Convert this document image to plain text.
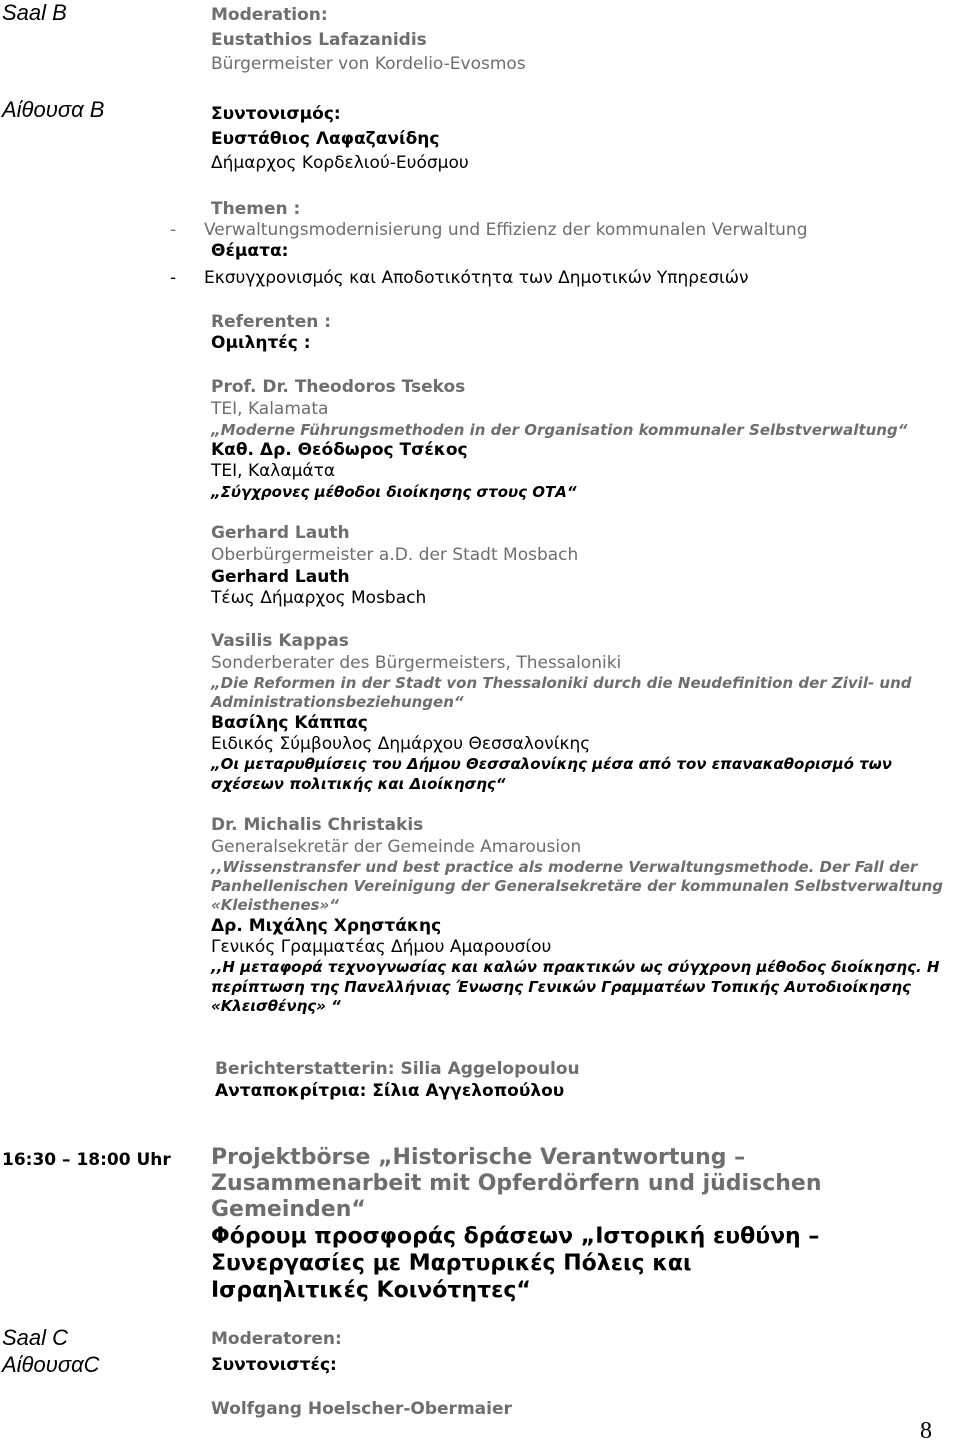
Saal B	Moderation:
Eustathios Lafazanidis
Bürgermeister von Kordelio-Evosmos
Αίθουσα Β	Συντονισμός:
Ευστάθιος Λαφαζανίδης
Δήμαρχος Κορδελιού-Ευόσμου
Themen :
- Verwaltungsmodernisierung und Effizienz der kommunalen Verwaltung
Θέματα:
- Εκσυγχρονισμός και Αποδοτικότητα των Δημοτικών Υπηρεσιών
Referenten :
Ομιλητές :
Prof. Dr. Theodoros Tsekos
TEI, Kalamata
„Moderne Führungsmethoden in der Organisation kommunaler Selbstverwaltung“
Καθ. Δρ. Θεόδωρος Τσέκος
TEI, Καλαμάτα
„Σύγχρονες μέθοδοι διοίκησης στους ΟΤΑ“
Gerhard Lauth
Oberbürgermeister a.D. der Stadt Mosbach
Gerhard Lauth
Τέως Δήμαρχος Mosbach
Vasilis Kappas
Sonderberater des Bürgermeisters, Thessaloniki
„Die Reformen in der Stadt von Thessaloniki durch die Neudefinition der Zivil- und Administrationsbeziehungen“
Βασίλης Κάππας
Ειδικός Σύμβουλος Δημάρχου Θεσσαλονίκης
„Οι μεταρυθμίσεις του Δήμου Θεσσαλονίκης μέσα από τον επανακαθορισμό των σχέσεων πολιτικής και Διοίκησης“
Dr. Michalis Christakis
Generalsekretär der Gemeinde Amarousion
,,Wissenstransfer und best practice als moderne Verwaltungsmethode. Der Fall der Panhellenischen Vereinigung der Generalsekretäre der kommunalen Selbstverwaltung «Kleisthenes»“
Δρ. Μιχάλης Χρηστάκης
Γενικός Γραμματέας Δήμου Αμαρουσίου
,,Η μεταφορά τεχνογνωσίας και καλών πρακτικών ως σύγχρονη μέθοδος διοίκησης. Η περίπτωση της Πανελλήνιας Ένωσης Γενικών Γραμματέων Τοπικής Αυτοδιοίκησης «Κλεισθένης» “
Berichterstatterin: Silia Aggelopoulou
Ανταποκρίτρια: Σίλια Αγγελοπούλου
16:30 – 18:00 Uhr Projektbörse „Historische Verantwortung – Zusammenarbeit mit Opferdörfern und jüdischen Gemeinden“
Φόρουμ προσφοράς δράσεων „Ιστορική ευθύνη – Συνεργασίες με Μαρτυρικές Πόλεις και Ισραηλιτικές Κοινότητες“
Saal C	Moderatoren:
ΑίθουσαC	Συντονιστές:
Wolfgang Hoelscher-Obermaier
8
